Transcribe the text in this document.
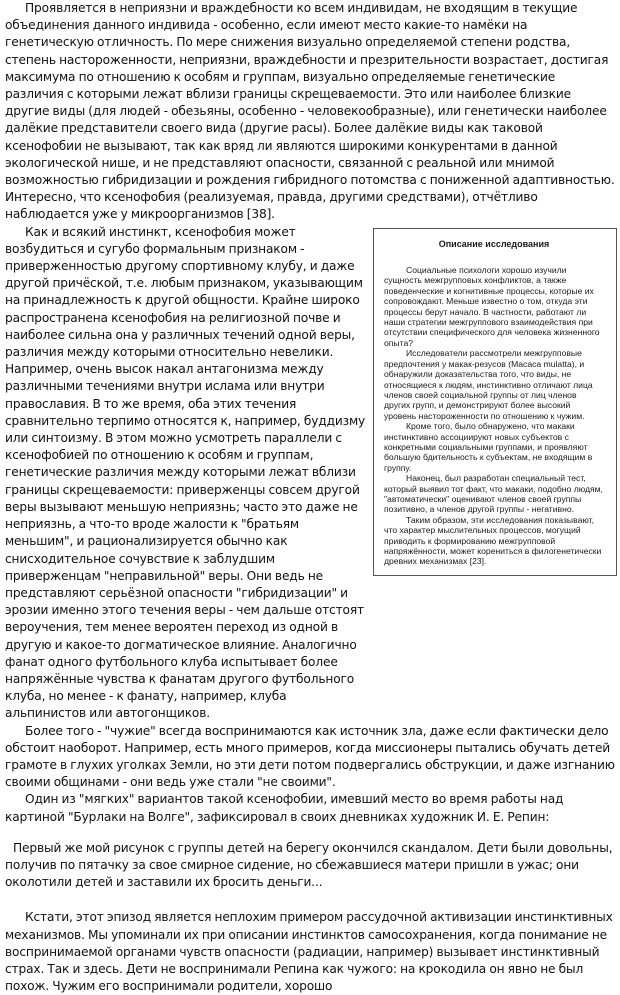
Проявляется в неприязни и враждебности ко всем индивидам, не входящим в текущие объединения данного индивида - особенно, если имеют место какие-то намёки на генетическую отличность. По мере снижения визуально определяемой степени родства, степень настороженности, неприязни, враждебности и презрительности возрастает, достигая максимума по отношению к особям и группам, визуально определяемые генетические различия с которыми лежат вблизи границы скрещеваемости. Это или наиболее близкие другие виды (для людей - обезьяны, особенно - человекообразные), или генетически наиболее далёкие представители своего вида (другие расы). Более далёкие виды как таковой ксенофобии не вызывают, так как вряд ли являются широкими конкурентами в данной экологической нише, и не представляют опасности, связанной с реальной или мнимой возможностью гибридизации и рождения гибридного потомства с пониженной адаптивностью. Интересно, что ксенофобия (реализуемая, правда, другими средствами), отчётливо наблюдается уже у микроорганизмов [38].

Как и всякий инстинкт, ксенофобия может возбудиться и сугубо формальным признаком - приверженностью другому спортивному клубу, и даже другой причёской, т.е. любым признаком, указывающим на принадлежность к другой общности. Крайне широко распространена ксенофобия на религиозной почве и наиболее сильна она у различных течений одной веры, различия между которыми относительно невелики. Например, очень высок накал антагонизма между различными течениями внутри ислама или внутри православия. В то же время, оба этих течения сравнительно терпимо относятся к, например, буддизму или синтоизму. В этом можно усмотреть параллели с ксенофобией по отношению к особям и группам, генетические различия между которыми лежат вблизи границы скрещеваемости: приверженцы совсем другой веры вызывают меньшую неприязнь; часто это даже не неприязнь, а что-то вроде жалости к "братьям меньшим", и рационализируется обычно как снисходительное сочувствие к заблудшим приверженцам "неправильной" веры. Они ведь не представляют серьёзной опасности "гибридизации" и эрозии именно этого течения веры - чем дальше отстоят вероучения, тем менее вероятен переход из одной в другую и какое-то догматическое влияние. Аналогично фанат одного футбольного клуба испытывает более напряжённые чувства к фанатам другого футбольного клуба, но менее - к фанату, например, клуба альпинистов или автогонщиков.

Более того - "чужие" всегда воспринимаются как источник зла, даже если фактически дело обстоит наоборот. Например, есть много примеров, когда миссионеры пытались обучать детей грамоте в глухих уголках Земли, но эти дети потом подвергались обструкции, и даже изгнанию своими общинами - они ведь уже стали "не своими".

Описание исследования

Социальные психологи хорошо изучили сущность межгрупповых конфликтов, а также поведенческие и когнитивные процессы, которые их сопровождают. Меньше известно о том, откуда эти процессы берут начало. В частности, работают ли наши стратегии межгруппового взаимодействия при отсутствии специфического для человека жизненного опыта?

Исследователи рассмотрели межгрупповые предпочтения у макак-резусов (Macaca mulatta), и обнаружили доказательства того, что виды, не относящиеся к людям, инстинктивно отличают лица членов своей социальной группы от лиц членов других групп, и демонстрируют более высокий уровень настороженности по отношению к чужим.

Кроме того, было обнаружено, что макаки инстинктивно ассоциируют новых субъектов с конкретными социальными группами, и проявляют большую бдительность к субъектам, не входящим в группу.

Наконец, был разработан специальный тест, который выявил тот факт, что макаки, подобно людям, "автоматически" оценивают членов своей группы позитивно, а членов другой группы - негативно.

Таким образом, эти исследования показывают, что характер мыслительных процессов, могущий приводить к формированию межгрупповой напряжённости, может корениться в филогенетически древних механизмах [23].

Один из "мягких" вариантов такой ксенофобии, имевший место во время работы над картиной "Бурлаки на Волге", зафиксировал в своих дневниках художник И. Е. Репин:

Первый же мой рисунок с группы детей на берегу окончился скандалом. Дети были довольны, получив по пятачку за свое смирное сидение, но сбежавшиеся матери пришли в ужас; они околотили детей и заставили их бросить деньги...

Кстати, этот эпизод является неплохим примером рассудочной активизации инстинктивных механизмов. Мы упоминали их при описании инстинктов самосохранения, когда понимание не воспринимаемой органами чувств опасности (радиации, например) вызывает инстинктивный страх. Так и здесь. Дети не воспринимали Репина как чужого: на крокодила он явно не был похож. Чужим его воспринимали родители, хорошо
